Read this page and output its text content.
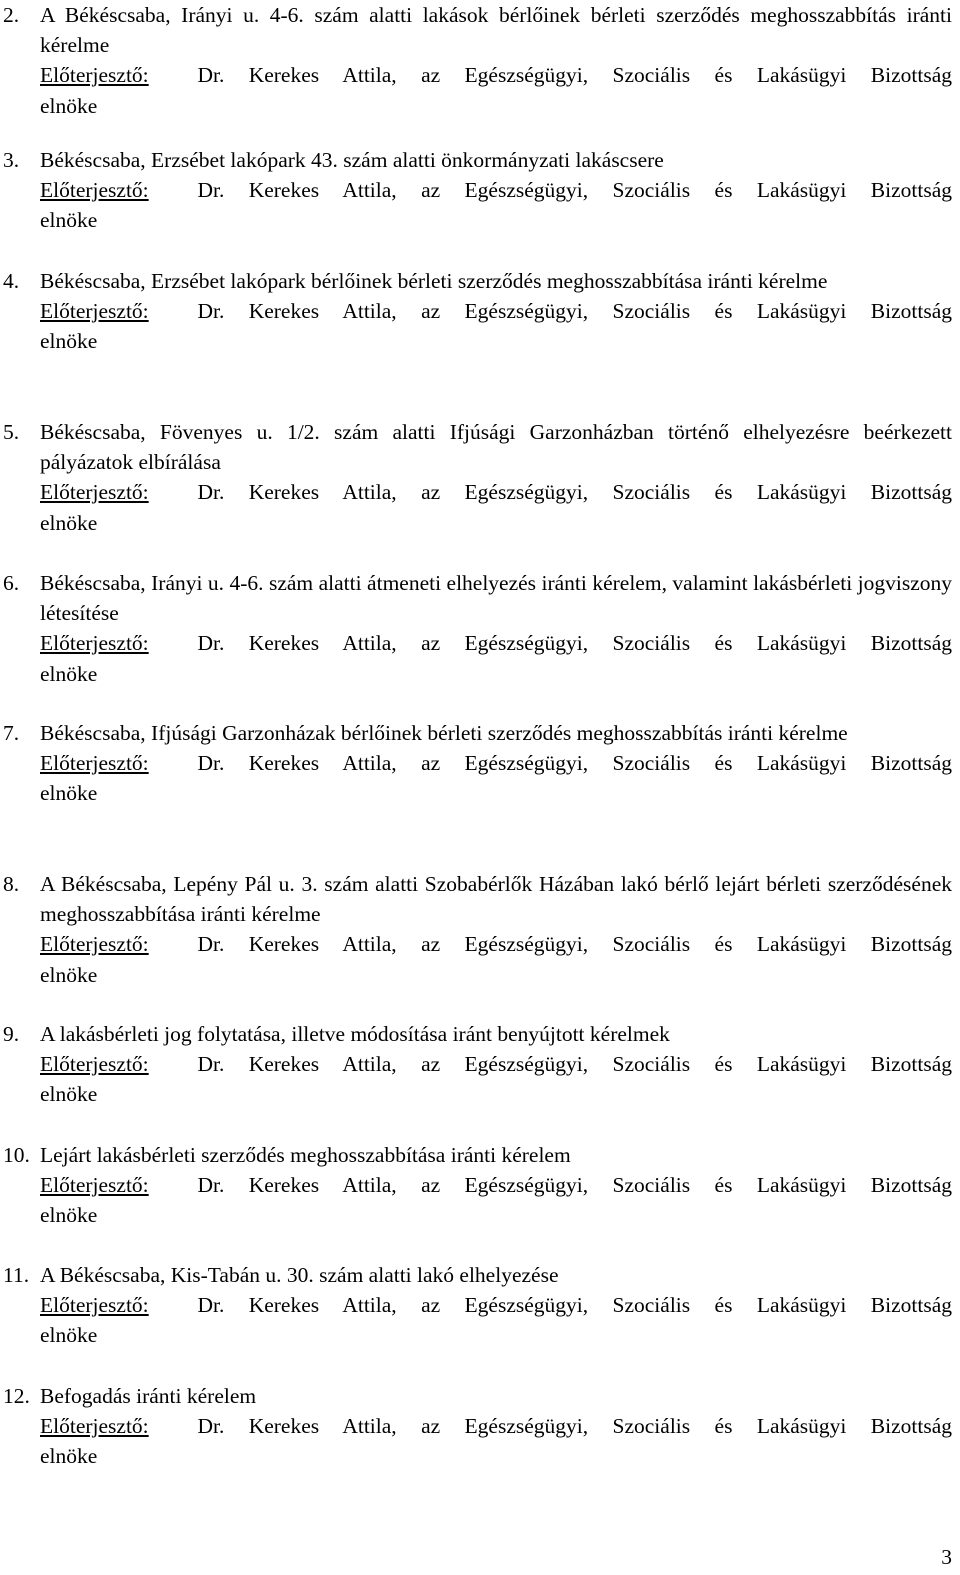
2. A Békéscsaba, Irányi u. 4-6. szám alatti lakások bérlőinek bérleti szerződés meghosszabbítás iránti kérelme
Előterjesztő: Dr. Kerekes Attila, az Egészségügyi, Szociális és Lakásügyi Bizottság
elnöke
3. Békéscsaba, Erzsébet lakópark 43. szám alatti önkormányzati lakáscsere
Előterjesztő: Dr. Kerekes Attila, az Egészségügyi, Szociális és Lakásügyi Bizottság
elnöke
4. Békéscsaba, Erzsébet lakópark bérlőinek bérleti szerződés meghosszabbítása iránti kérelme
Előterjesztő: Dr. Kerekes Attila, az Egészségügyi, Szociális és Lakásügyi Bizottság
elnöke
5. Békéscsaba, Fövenyes u. 1/2. szám alatti Ifjúsági Garzonházban történő elhelyezésre beérkezett pályázatok elbírálása
Előterjesztő: Dr. Kerekes Attila, az Egészségügyi, Szociális és Lakásügyi Bizottság
elnöke
6. Békéscsaba, Irányi u. 4-6. szám alatti átmeneti elhelyezés iránti kérelem, valamint lakásbérleti jogviszony létesítése
Előterjesztő: Dr. Kerekes Attila, az Egészségügyi, Szociális és Lakásügyi Bizottság
elnöke
7. Békéscsaba, Ifjúsági Garzonházak bérlőinek bérleti szerződés meghosszabbítás iránti kérelme
Előterjesztő: Dr. Kerekes Attila, az Egészségügyi, Szociális és Lakásügyi Bizottság
elnöke
8. A Békéscsaba, Lepény Pál u. 3. szám alatti Szobabérlők Házában lakó bérlő lejárt bérleti szerződésének meghosszabbítása iránti kérelme
Előterjesztő: Dr. Kerekes Attila, az Egészségügyi, Szociális és Lakásügyi Bizottság
elnöke
9. A lakásbérleti jog folytatása, illetve módosítása iránt benyújtott kérelmek
Előterjesztő: Dr. Kerekes Attila, az Egészségügyi, Szociális és Lakásügyi Bizottság
elnöke
10. Lejárt lakásbérleti szerződés meghosszabbítása iránti kérelem
Előterjesztő: Dr. Kerekes Attila, az Egészségügyi, Szociális és Lakásügyi Bizottság
elnöke
11. A Békéscsaba, Kis-Tabán u. 30. szám alatti lakó elhelyezése
Előterjesztő: Dr. Kerekes Attila, az Egészségügyi, Szociális és Lakásügyi Bizottság
elnöke
12. Befogadás iránti kérelem
Előterjesztő: Dr. Kerekes Attila, az Egészségügyi, Szociális és Lakásügyi Bizottság
elnöke
3
